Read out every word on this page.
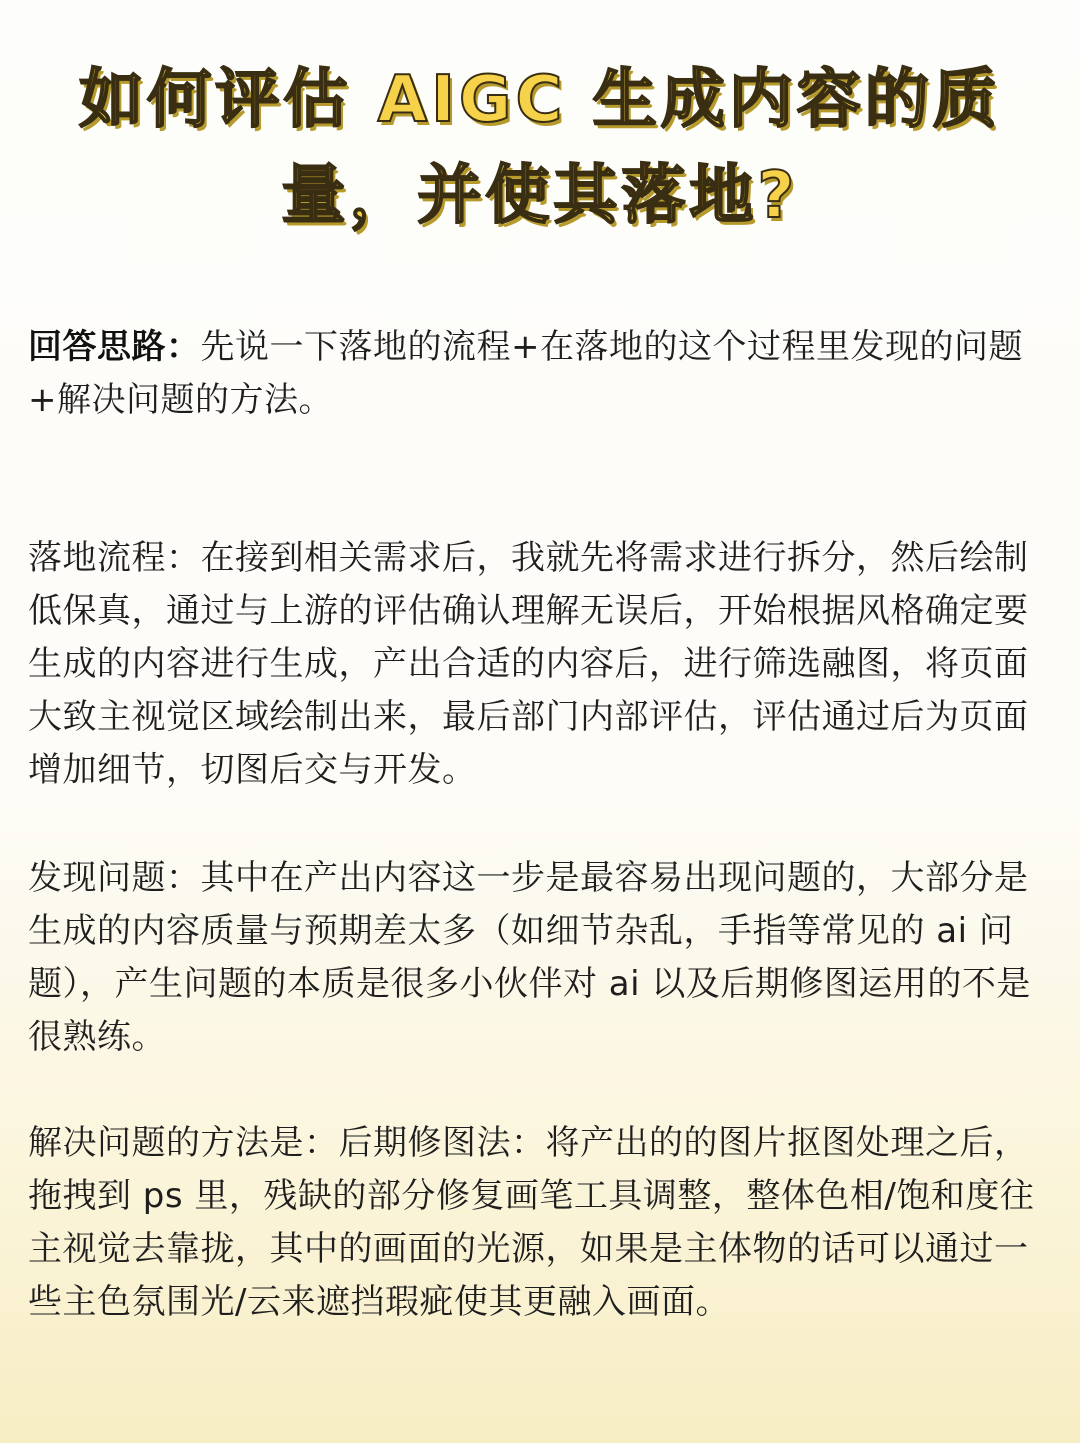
如何评估 AIGC 生成内容的质
量，并使其落地?

回答思路：先说一下落地的流程+在落地的这个过程里发现的问题+解决问题的方法。

落地流程：在接到相关需求后，我就先将需求进行拆分，然后绘制低保真，通过与上游的评估确认理解无误后，开始根据风格确定要生成的内容进行生成，产出合适的内容后，进行筛选融图，将页面大致主视觉区域绘制出来，最后部门内部评估，评估通过后为页面增加细节，切图后交与开发。

发现问题：其中在产出内容这一步是最容易出现问题的，大部分是生成的内容质量与预期差太多（如细节杂乱，手指等常见的 ai 问题），产生问题的本质是很多小伙伴对 ai 以及后期修图运用的不是很熟练。

解决问题的方法是：后期修图法：将产出的的图片抠图处理之后，拖拽到 ps 里，残缺的部分修复画笔工具调整，整体色相/饱和度往主视觉去靠拢，其中的画面的光源，如果是主体物的话可以通过一些主色氛围光/云来遮挡瑕疵使其更融入画面。
